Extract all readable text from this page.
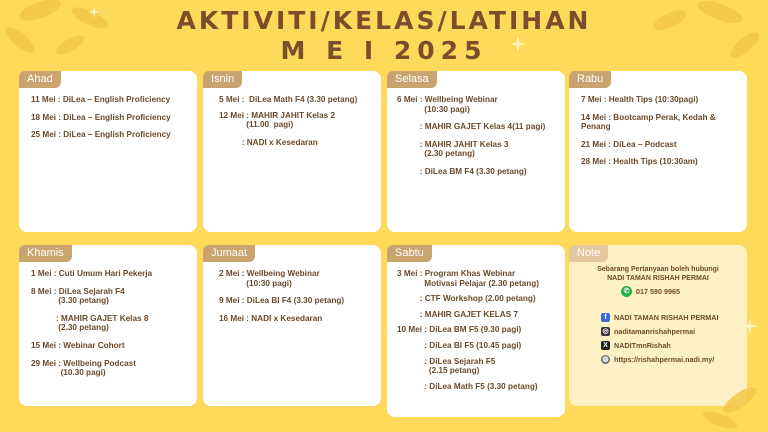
AKTIVITI/KELAS/LATIHAN
M E I 2025
Ahad
11 Mei : DiLea – English Proficiency
18 Mei : DiLea – English Proficiency
25 Mei : DiLea – English Proficiency
Isnin
5 Mei :  DiLea Math F4 (3.30 petang)
12 Mei : MAHIR JAHIT Kelas 2
(11.00  pagi)
: NADI x Kesedaran
Selasa
6 Mei : Wellbeing Webinar
(10:30 pagi)
: MAHIR GAJET Kelas 4(11 pagi)
: MAHIR JAHIT Kelas 3
(2.30 petang)
: DiLea BM F4 (3.30 petang)
Rabu
7 Mei : Health Tips (10:30pagi)
14 Mei : Bootcamp Perak, Kedah &
Penang
21 Mei : DiLea – Podcast
28 Mei : Health Tips (10:30am)
Khamis
1 Mei : Cuti Umum Hari Pekerja
8 Mei : DiLea Sejarah F4
(3.30 petang)
: MAHIR GAJET Kelas 8
(2.30 petang)
15 Mei : Webinar Cohort
29 Mei : Wellbeing Podcast
(10.30 pagi)
Jumaat
2 Mei : Wellbeing Webinar
(10:30 pagi)
9 Mei : DiLea BI F4 (3.30 petang)
16 Mei : NADI x Kesedaran
Sabtu
3 Mei : Program Khas Webinar
Motivasi Pelajar (2.30 petang)
: CTF Workshop (2.00 petang)
: MAHIR GAJET KELAS 7
10 Mei : DiLea BM F5 (9.30 pagi)
: DiLea BI F5 (10.45 pagi)
: DiLea Sejarah F5
(2.15 petang)
: DiLea Math F5 (3.30 petang)
Note
Sebarang Pertanyaan boleh hubungi
NADI TAMAN RISHAH PERMAI
✆ 017 590 9965
f	NADI TAMAN RISHAH PERMAI
◎ naditamanrishahpermai
X NADITmnRishah
◍ https://rishahpermai.nadi.my/
